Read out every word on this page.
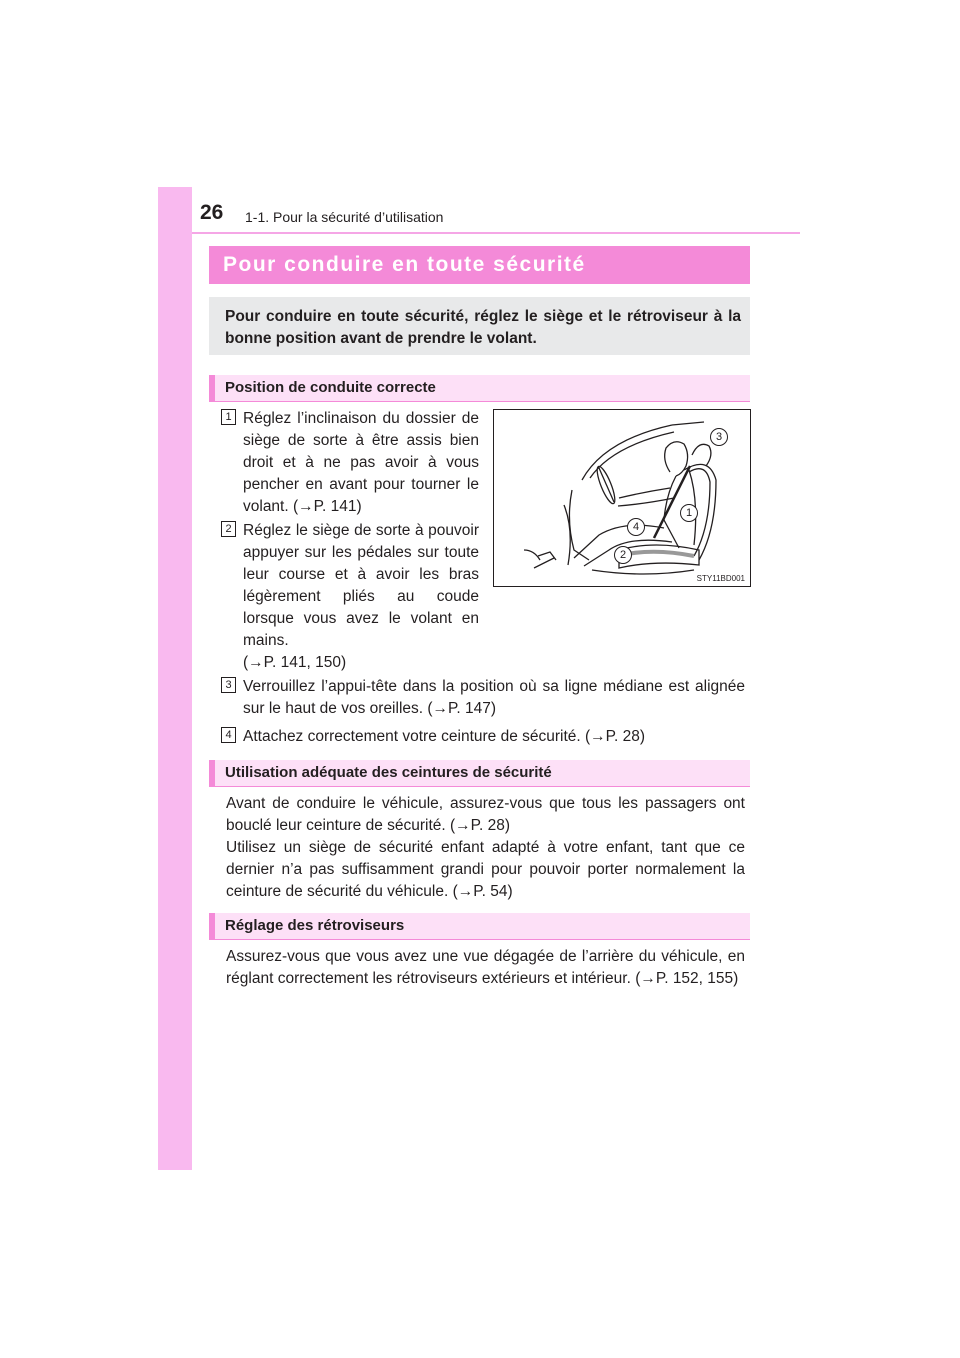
26 1-1. Pour la sécurité d’utilisation
Pour conduire en toute sécurité

Pour conduire en toute sécurité, réglez le siège et le rétroviseur à la bonne position avant de prendre le volant.

Position de conduite correcte
1 Réglez l’inclinaison du dossier de siège de sorte à être assis bien droit et à ne pas avoir à vous pencher en avant pour tourner le volant. (→P. 141)

2 Réglez le siège de sorte à pouvoir appuyer sur les pédales sur toute leur course et à avoir les bras légèrement pliés au coude lorsque vous avez le volant en mains.

(→P. 141, 150)
3
1
4
2
STY11BD001
3 Verrouillez l’appui-tête dans la position où sa ligne médiane est alignée sur le haut de vos oreilles. (→P. 147)

4 Attachez correctement votre ceinture de sécurité. (→P. 28)

Utilisation adéquate des ceintures de sécurité

Avant de conduire le véhicule, assurez-vous que tous les passagers ont bouclé leur ceinture de sécurité. (→P. 28)

Utilisez un siège de sécurité enfant adapté à votre enfant, tant que ce dernier n’a pas suffisamment grandi pour pouvoir porter normalement la ceinture de sécurité du véhicule. (→P. 54)

Réglage des rétroviseurs

Assurez-vous que vous avez une vue dégagée de l’arrière du véhicule, en réglant correctement les rétroviseurs extérieurs et intérieur. (→P. 152, 155)
